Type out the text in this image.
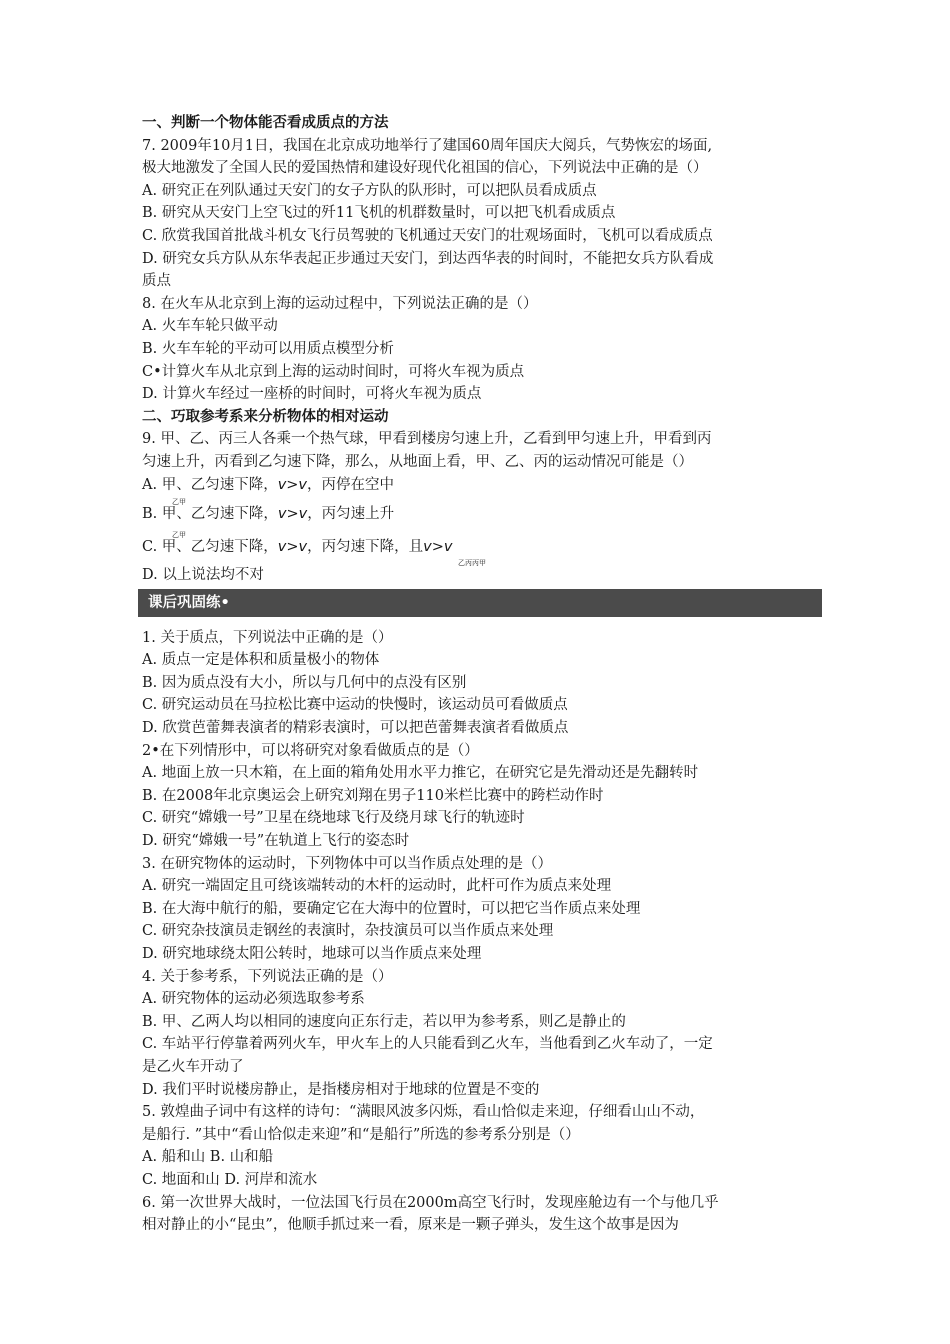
一、判断一个物体能否看成质点的方法
7. 2009年10月1日，我国在北京成功地举行了建国60周年国庆大阅兵，气势恢宏的场面,
极大地激发了全国人民的爱国热情和建设好现代化祖国的信心，下列说法中正确的是（）
A. 研究正在列队通过天安门的女子方队的队形时，可以把队员看成质点
B. 研究从天安门上空飞过的歼11飞机的机群数量时，可以把飞机看成质点
C. 欣赏我国首批战斗机女飞行员驾驶的飞机通过天安门的壮观场面时，飞机可以看成质点
D. 研究女兵方队从东华表起正步通过天安门，到达西华表的时间时，不能把女兵方队看成
质点
8. 在火车从北京到上海的运动过程中，下列说法正确的是（）
A. 火车车轮只做平动
B. 火车车轮的平动可以用质点模型分析
C•计算火车从北京到上海的运动时间时，可将火车视为质点
D. 计算火车经过一座桥的时间时，可将火车视为质点
二、巧取参考系来分析物体的相对运动
9. 甲、乙、丙三人各乘一个热气球，甲看到楼房匀速上升，乙看到甲匀速上升，甲看到丙
匀速上升，丙看到乙匀速下降，那么，从地面上看，甲、乙、丙的运动情况可能是（）
A. 甲、乙匀速下降，v>v，丙停在空中
乙甲
B. 甲、乙匀速下降，v>v，丙匀速上升
乙甲
C. 甲、乙匀速下降，v>v，丙匀速下降，且v>v
乙丙丙甲
D. 以上说法均不对
课后巩固练•
1. 关于质点，下列说法中正确的是（）
A. 质点一定是体积和质量极小的物体
B. 因为质点没有大小，所以与几何中的点没有区别
C. 研究运动员在马拉松比赛中运动的快慢时，该运动员可看做质点
D. 欣赏芭蕾舞表演者的精彩表演时，可以把芭蕾舞表演者看做质点
2•在下列情形中，可以将研究对象看做质点的是（）
A. 地面上放一只木箱，在上面的箱角处用水平力推它，在研究它是先滑动还是先翻转时
B. 在2008年北京奥运会上研究刘翔在男子110米栏比赛中的跨栏动作时
C. 研究“嫦娥一号”卫星在绕地球飞行及绕月球飞行的轨迹时
D. 研究“嫦娥一号”在轨道上飞行的姿态时
3. 在研究物体的运动时，下列物体中可以当作质点处理的是（）
A. 研究一端固定且可绕该端转动的木杆的运动时，此杆可作为质点来处理
B. 在大海中航行的船，要确定它在大海中的位置时，可以把它当作质点来处理
C. 研究杂技演员走钢丝的表演时，杂技演员可以当作质点来处理
D. 研究地球绕太阳公转时，地球可以当作质点来处理
4. 关于参考系，下列说法正确的是（）
A. 研究物体的运动必须选取参考系
B. 甲、乙两人均以相同的速度向正东行走，若以甲为参考系，则乙是静止的
C. 车站平行停靠着两列火车，甲火车上的人只能看到乙火车，当他看到乙火车动了，一定
是乙火车开动了
D. 我们平时说楼房静止，是指楼房相对于地球的位置是不变的
5. 敦煌曲子词中有这样的诗句：“满眼风波多闪烁，看山恰似走来迎，仔细看山山不动，
是船行. ”其中“看山恰似走来迎”和“是船行”所选的参考系分别是（）
A. 船和山 B. 山和船
C. 地面和山 D. 河岸和流水
6. 第一次世界大战时，一位法国飞行员在2000m高空飞行时，发现座舱边有一个与他几乎
相对静止的小“昆虫”，他顺手抓过来一看，原来是一颗子弹头，发生这个故事是因为
